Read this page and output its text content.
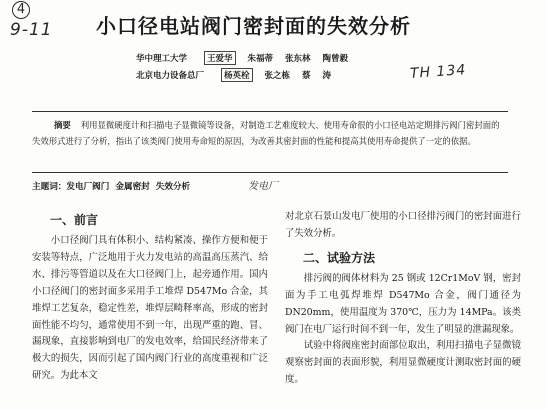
4
9-11
TH 134
发电厂
小口径电站阀门密封面的失效分析
华中理工大学 王爱华 朱福蒂 张东林 陶曾毅
北京电力设备总厂 杨英栓 张之栋 蔡 涛
摘要 利用显微硬度计和扫描电子显微镜等设备，对制造工艺难度较大、使用寿命很的小口径电站定期排污阀门密封面的失效形式进行了分析，指出了该类阀门使用寿命短的原因，为改善其密封面的性能和提高其使用寿命提供了一定的依据。
主题词：发电厂阀门 金属密封 失效分析
一、前言

小口径阀门具有体积小、结构紧凑、操作方便和便于安装等特点，广泛地用于火力发电站的高温高压蒸汽、给水、排污等管道以及在大口径阀门上，起旁通作用。国内小口径阀门的密封面多采用手工堆焊 D547Mo 合金，其堆焊工艺复杂，稳定性差，堆焊层畸释率高，形成的密封面性能不均匀，通常使用不到一年，出现严重的跑、冒、漏现象，直接影响到电厂的发电效率，给国民经济带来了极大的损失，因而引起了国内阀门行业的高度重视和广泛研究。为此本文

对北京石景山发电厂使用的小口径排污阀门的密封面进行了失效分析。

二、试验方法

排污阀的阀体材料为 25 钢或 12Cr1MoV 钢，密封面为手工电弧焊堆焊 D547Mo 合金，阀门通径为 DN20mm，使用温度为 370℃，压力为 14MPa。该类阀门在电厂运行时间不到一年，发生了明显的泄漏现象。

试验中将阀座密封面部位取出，利用扫描电子显微镜观察密封面的表面形貌，利用显微硬度计测取密封面的硬度。
